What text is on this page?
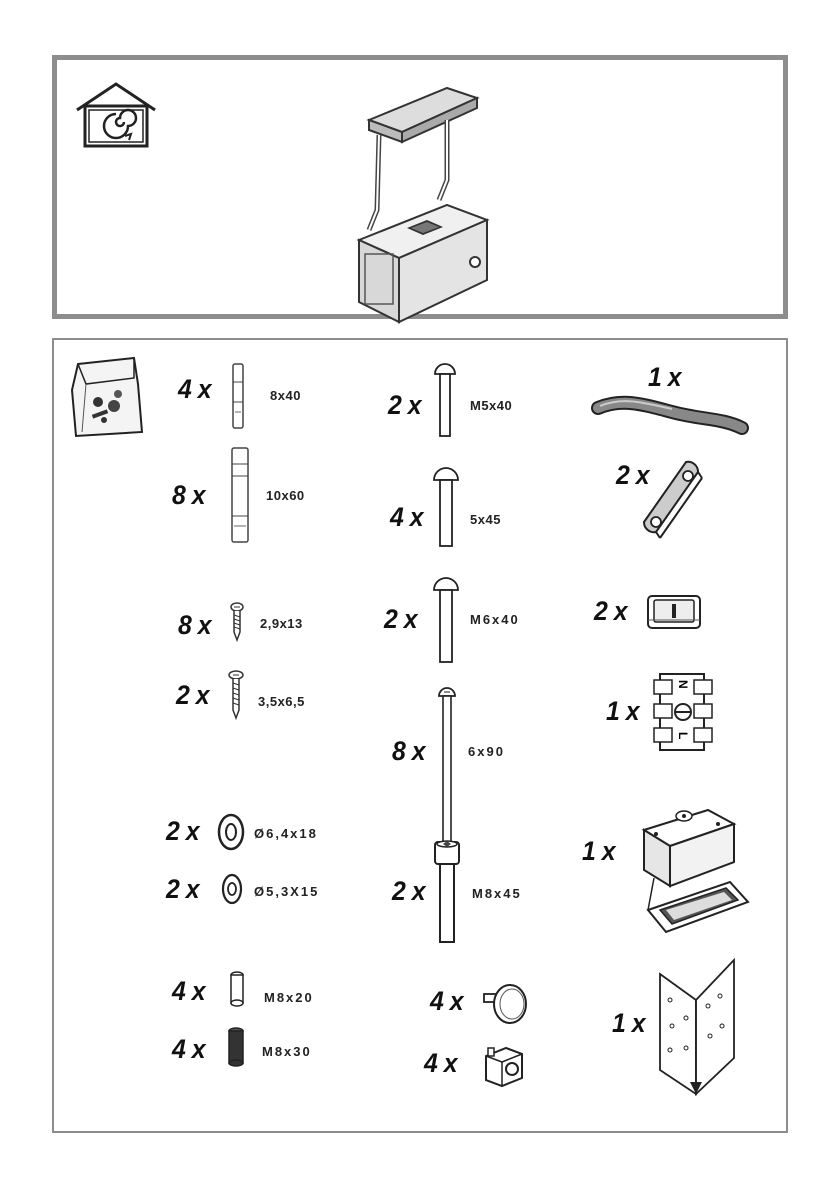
4 x	8x40
8 x	10x60
8 x	2,9x13
2 x	3,5x6,5
2 x	Ø6,4x18
2 x	Ø5,3X15
4 x	M8x20
4 x	M8x30
2 x	M5x40
4 x	5x45
2 x	M6x40
8 x	6x90
2 x	M8x45
4 x
4 x
1 x
2 x
2 x
1 x
N
L
1 x
1 x
